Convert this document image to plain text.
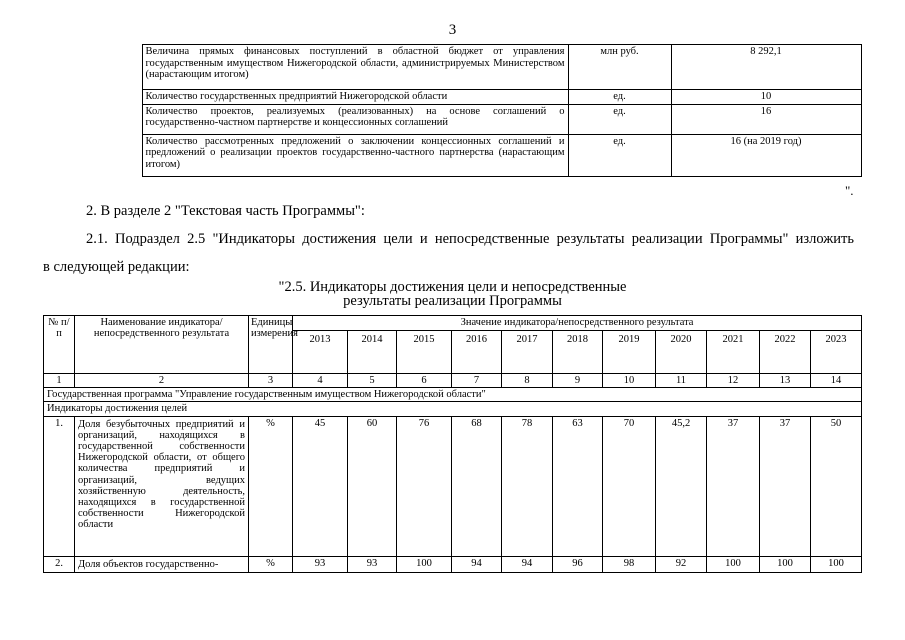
3
	Величина прямых финансовых поступлений в областной бюджет от управления государственным имуществом Нижегородской области, администрируемых Министерством (нарастающим итогом)	млн руб.	8 292,1
	Количество государственных предприятий Нижегородской области	ед.	10
	Количество проектов, реализуемых (реализованных) на основе соглашений о государственно-частном партнерстве и концессионных соглашений	ед.	16
	Количество рассмотренных предложений о заключении концессионных соглашений и предложений о реализации проектов государственно-частного партнерства (нарастающим итогом)	ед.	16 (на 2019 год)
".
2. В разделе 2 "Текстовая часть Программы":
2.1. Подраздел 2.5 "Индикаторы достижения цели и непосредственные результаты реализации Программы" изложить
в следующей редакции:
"2.5. Индикаторы достижения цели и непосредственные
результаты реализации Программы
№ п/п	Наименование индикатора/непосредственного результата	Единицы измерения	Значение индикатора/непосредственного результата										
			2013	2014	2015	2016	2017	2018	2019	2020	2021	2022	2023
1	2	3	4	5	6	7	8	9	10	11	12	13	14
Государственная программа "Управление государственным имуществом Нижегородской области"													
Индикаторы достижения целей													
1.	Доля безубыточных предприятий и организаций, находящихся в государственной собственности Нижегородской области, от общего количества предприятий и организаций, ведущих хозяйственную деятельность, находящихся в государственной собственности Нижегородской области	%	45	60	76	68	78	63	70	45,2	37	37	50
2.	Доля объектов государственно-	%	93	93	100	94	94	96	98	92	100	100	100
